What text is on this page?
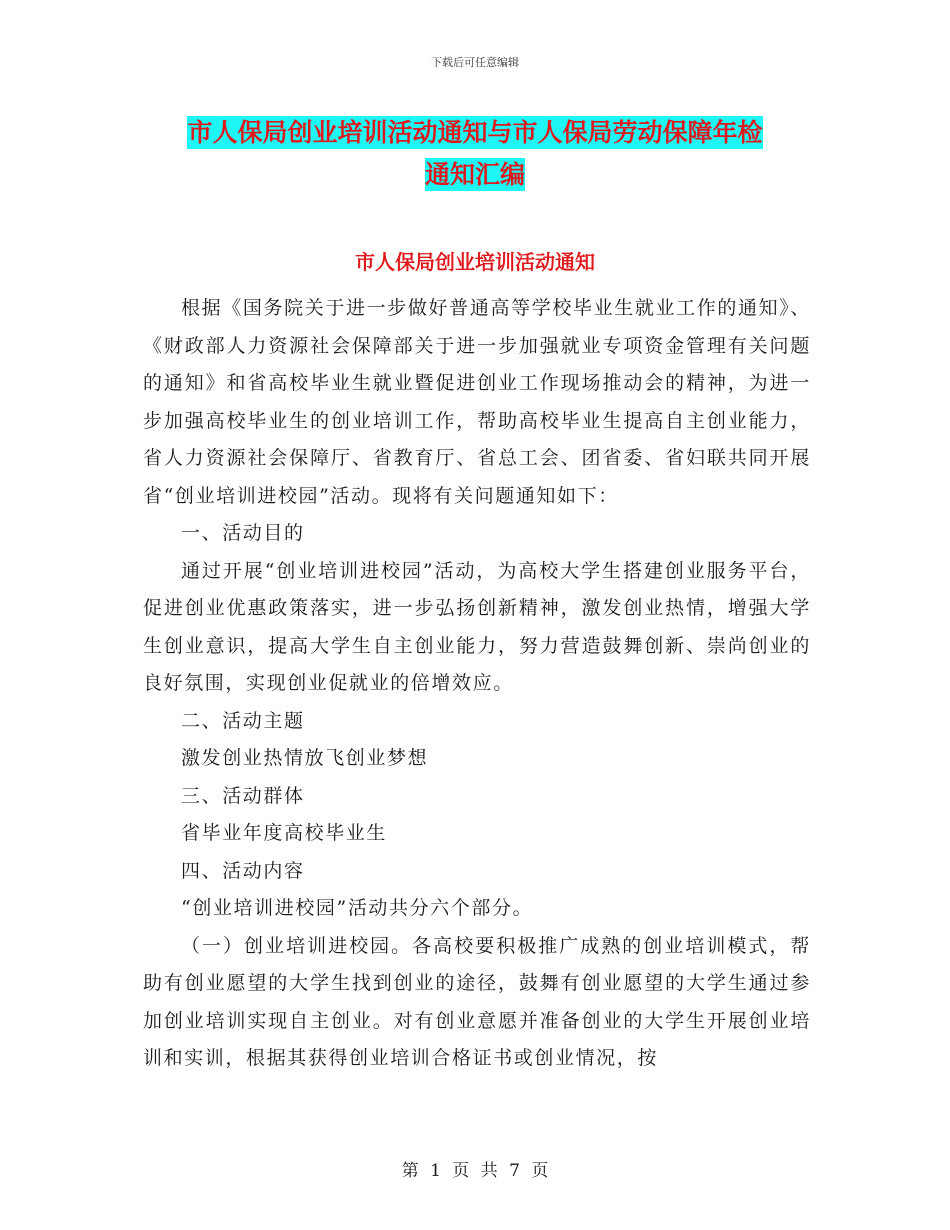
下载后可任意编辑
市人保局创业培训活动通知与市人保局劳动保障年检
通知汇编
市人保局创业培训活动通知

根据《国务院关于进一步做好普通高等学校毕业生就业工作的通知》、《财政部人力资源社会保障部关于进一步加强就业专项资金管理有关问题的通知》和省高校毕业生就业暨促进创业工作现场推动会的精神，为进一步加强高校毕业生的创业培训工作，帮助高校毕业生提高自主创业能力，省人力资源社会保障厅、省教育厅、省总工会、团省委、省妇联共同开展省“创业培训进校园”活动。现将有关问题通知如下：

一、活动目的

通过开展“创业培训进校园”活动，为高校大学生搭建创业服务平台，促进创业优惠政策落实，进一步弘扬创新精神，激发创业热情，增强大学生创业意识，提高大学生自主创业能力，努力营造鼓舞创新、崇尚创业的良好氛围，实现创业促就业的倍增效应。

二、活动主题

激发创业热情放飞创业梦想

三、活动群体

省毕业年度高校毕业生

四、活动内容

“创业培训进校园”活动共分六个部分。

（一）创业培训进校园。各高校要积极推广成熟的创业培训模式，帮助有创业愿望的大学生找到创业的途径，鼓舞有创业愿望的大学生通过参加创业培训实现自主创业。对有创业意愿并准备创业的大学生开展创业培训和实训，根据其获得创业培训合格证书或创业情况，按

第 1 页 共 7 页
